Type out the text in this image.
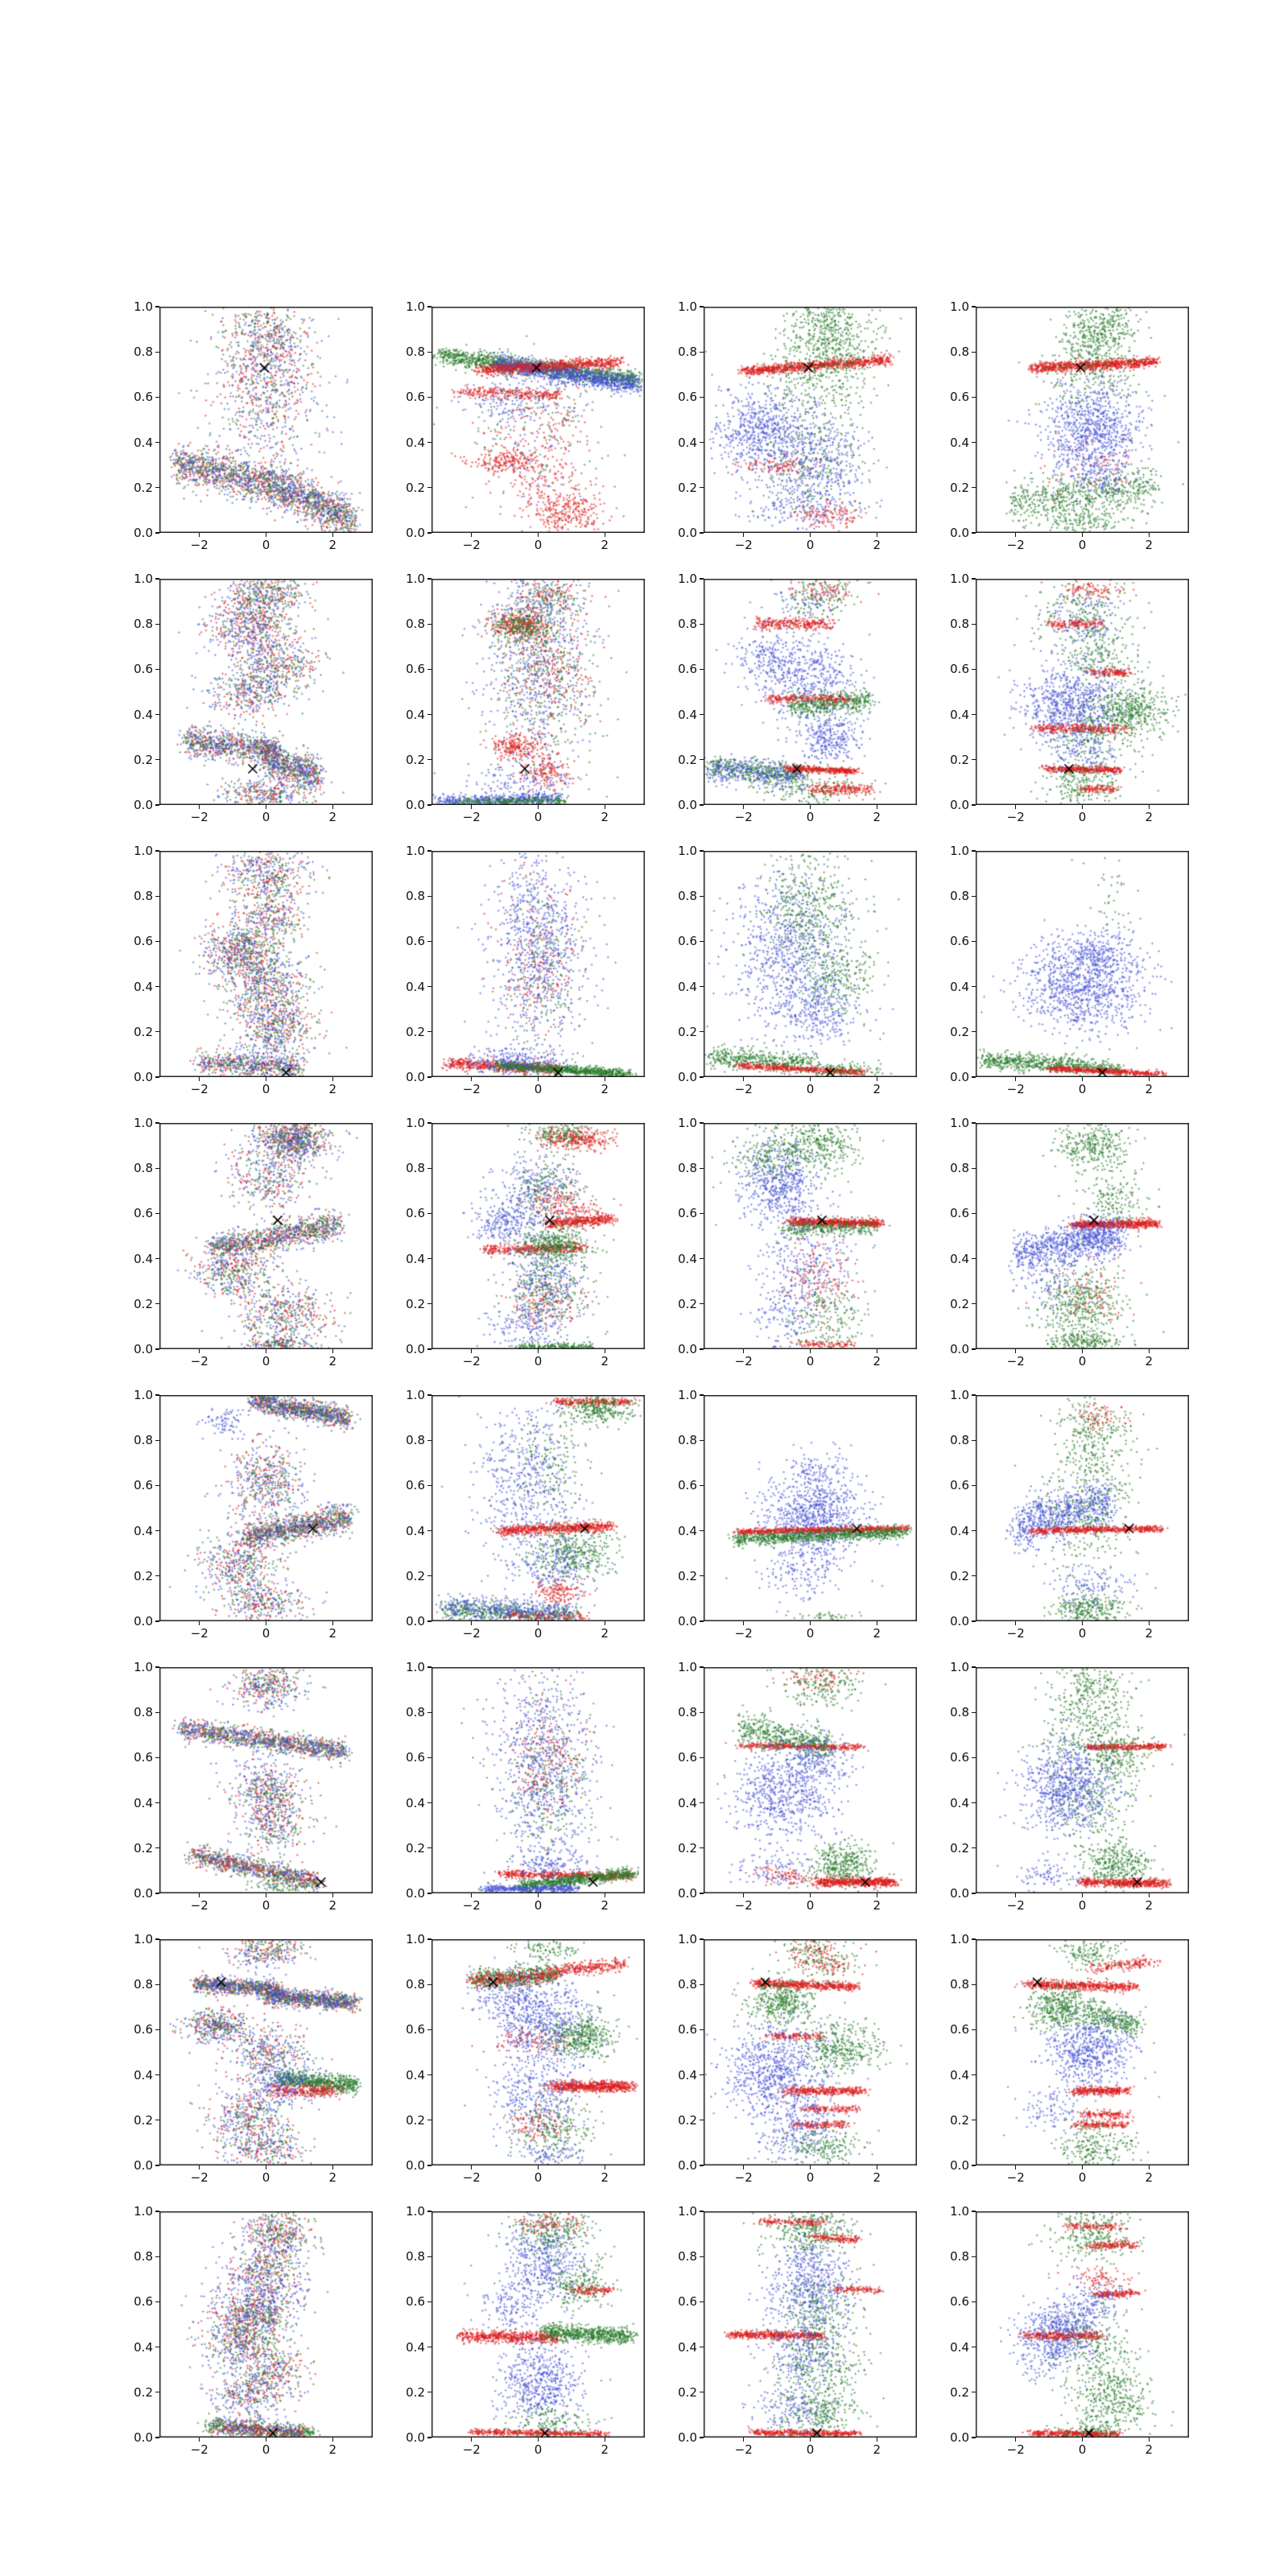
0.0
0.2
0.4
0.6
0.8
1.0
−2	0	2
0.0
0.2
0.4
0.6
0.8
1.0
−2	0	2
0.0
0.2
0.4
0.6
0.8
1.0
−2	0	2
0.0
0.2
0.4
0.6
0.8
1.0
−2	0	2
0.0
0.2
0.4
0.6
0.8
1.0
−2	0	2
0.0
0.2
0.4
0.6
0.8
1.0
−2	0	2
0.0
0.2
0.4
0.6
0.8
1.0
−2	0	2
0.0
0.2
0.4
0.6
0.8
1.0
−2	0	2
0.0
0.2
0.4
0.6
0.8
1.0
−2	0	2
0.0
0.2
0.4
0.6
0.8
1.0
−2	0	2
0.0
0.2
0.4
0.6
0.8
1.0
−2	0	2
0.0
0.2
0.4
0.6
0.8
1.0
−2	0	2
0.0
0.2
0.4
0.6
0.8
1.0
−2	0	2
0.0
0.2
0.4
0.6
0.8
1.0
−2	0	2
0.0
0.2
0.4
0.6
0.8
1.0
−2	0	2
0.0
0.2
0.4
0.6
0.8
1.0
−2	0	2
0.0
0.2
0.4
0.6
0.8
1.0
−2	0	2
0.0
0.2
0.4
0.6
0.8
1.0
−2	0	2
0.0
0.2
0.4
0.6
0.8
1.0
−2	0	2
0.0
0.2
0.4
0.6
0.8
1.0
−2	0	2
0.0
0.2
0.4
0.6
0.8
1.0
−2	0	2
0.0
0.2
0.4
0.6
0.8
1.0
−2	0	2
0.0
0.2
0.4
0.6
0.8
1.0
−2	0	2
0.0
0.2
0.4
0.6
0.8
1.0
−2	0	2
0.0
0.2
0.4
0.6
0.8
1.0
−2	0	2
0.0
0.2
0.4
0.6
0.8
1.0
−2	0	2
0.0
0.2
0.4
0.6
0.8
1.0
−2	0	2
0.0
0.2
0.4
0.6
0.8
1.0
−2	0	2
0.0
0.2
0.4
0.6
0.8
1.0
−2	0	2
0.0
0.2
0.4
0.6
0.8
1.0
−2	0	2
0.0
0.2
0.4
0.6
0.8
1.0
−2	0	2
0.0
0.2
0.4
0.6
0.8
1.0
−2	0	2
